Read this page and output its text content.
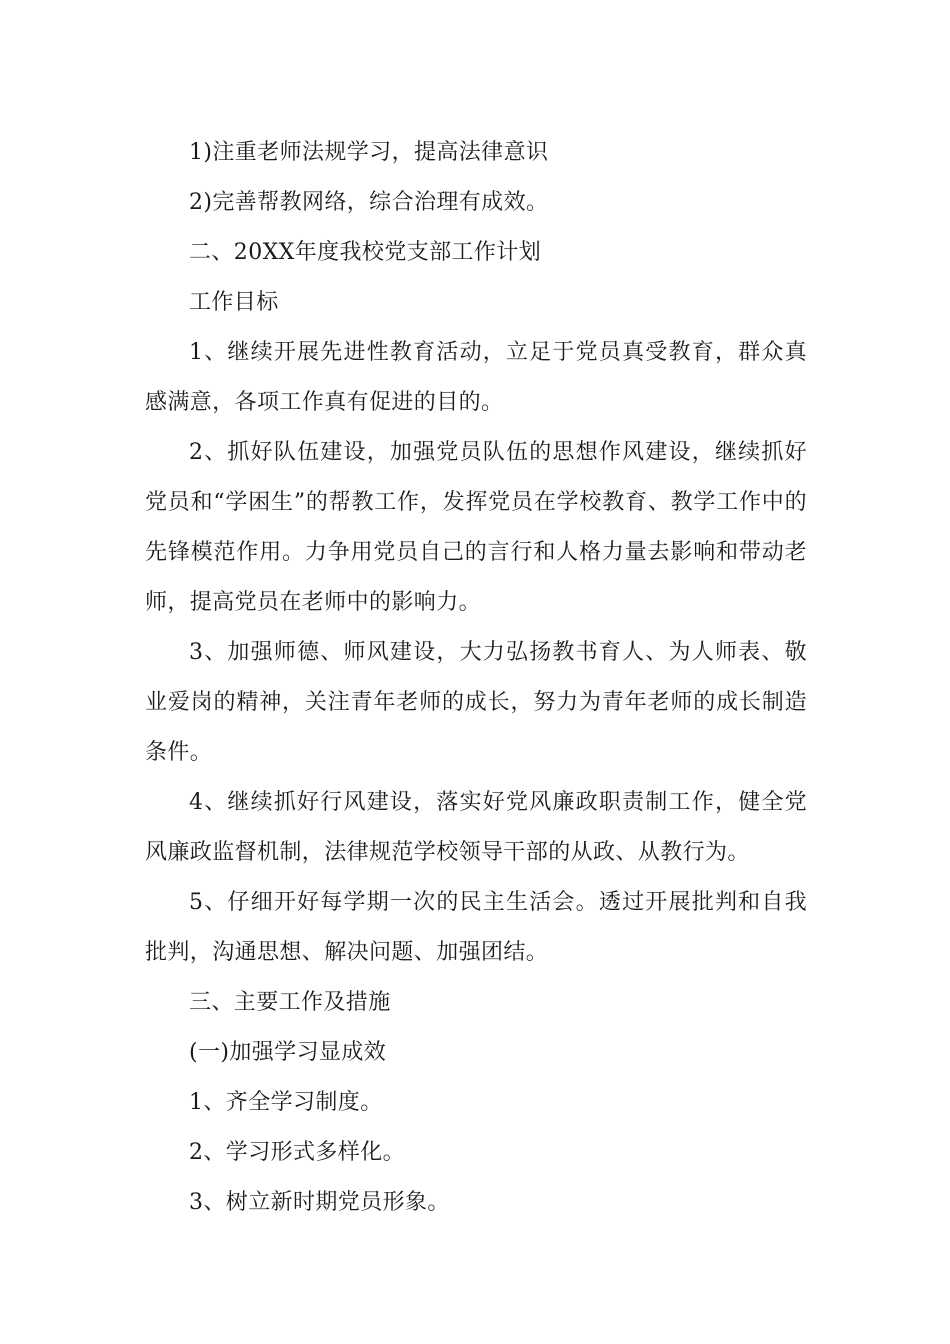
1)注重老师法规学习，提高法律意识

2)完善帮教网络，综合治理有成效。

二、20XX年度我校党支部工作计划

工作目标

1、继续开展先进性教育活动，立足于党员真受教育，群众真感满意，各项工作真有促进的目的。

2、抓好队伍建设，加强党员队伍的思想作风建设，继续抓好党员和“学困生”的帮教工作，发挥党员在学校教育、教学工作中的先锋模范作用。力争用党员自己的言行和人格力量去影响和带动老师，提高党员在老师中的影响力。

3、加强师德、师风建设，大力弘扬教书育人、为人师表、敬业爱岗的精神，关注青年老师的成长，努力为青年老师的成长制造条件。

4、继续抓好行风建设，落实好党风廉政职责制工作，健全党风廉政监督机制，法律规范学校领导干部的从政、从教行为。

5、仔细开好每学期一次的民主生活会。透过开展批判和自我批判，沟通思想、解决问题、加强团结。

三、主要工作及措施

(一)加强学习显成效

1、齐全学习制度。

2、学习形式多样化。

3、树立新时期党员形象。
